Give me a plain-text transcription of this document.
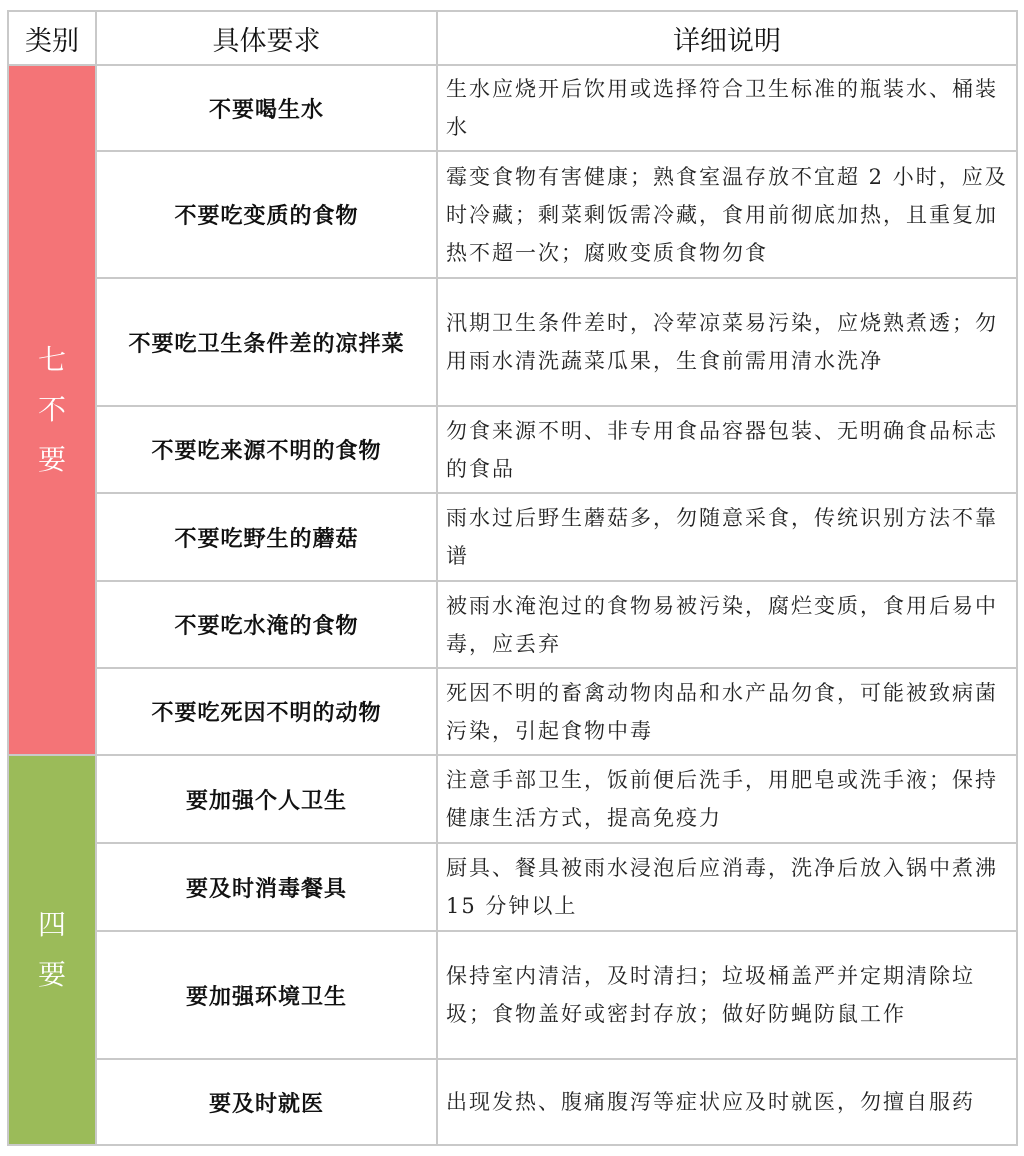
类别	具体要求	详细说明

七
不
要	不要喝生水	生水应烧开后饮用或选择符合卫生标准的瓶装水、桶装水
	不要吃变质的食物	霉变食物有害健康；熟食室温存放不宜超 2 小时，应及时冷藏；剩菜剩饭需冷藏，食用前彻底加热，且重复加热不超一次；腐败变质食物勿食
	不要吃卫生条件差的凉拌菜	汛期卫生条件差时，冷荤凉菜易污染，应烧熟煮透；勿用雨水清洗蔬菜瓜果，生食前需用清水洗净
	不要吃来源不明的食物	勿食来源不明、非专用食品容器包装、无明确食品标志的食品
	不要吃野生的蘑菇	雨水过后野生蘑菇多，勿随意采食，传统识别方法不靠谱
	不要吃水淹的食物	被雨水淹泡过的食物易被污染，腐烂变质，食用后易中毒，应丢弃
	不要吃死因不明的动物	死因不明的畜禽动物肉品和水产品勿食，可能被致病菌污染，引起食物中毒

四
要	要加强个人卫生	注意手部卫生，饭前便后洗手，用肥皂或洗手液；保持健康生活方式，提高免疫力
	要及时消毒餐具	厨具、餐具被雨水浸泡后应消毒，洗净后放入锅中煮沸 15 分钟以上
	要加强环境卫生	保持室内清洁，及时清扫；垃圾桶盖严并定期清除垃圾；食物盖好或密封存放；做好防蝇防鼠工作
	要及时就医	出现发热、腹痛腹泻等症状应及时就医，勿擅自服药
